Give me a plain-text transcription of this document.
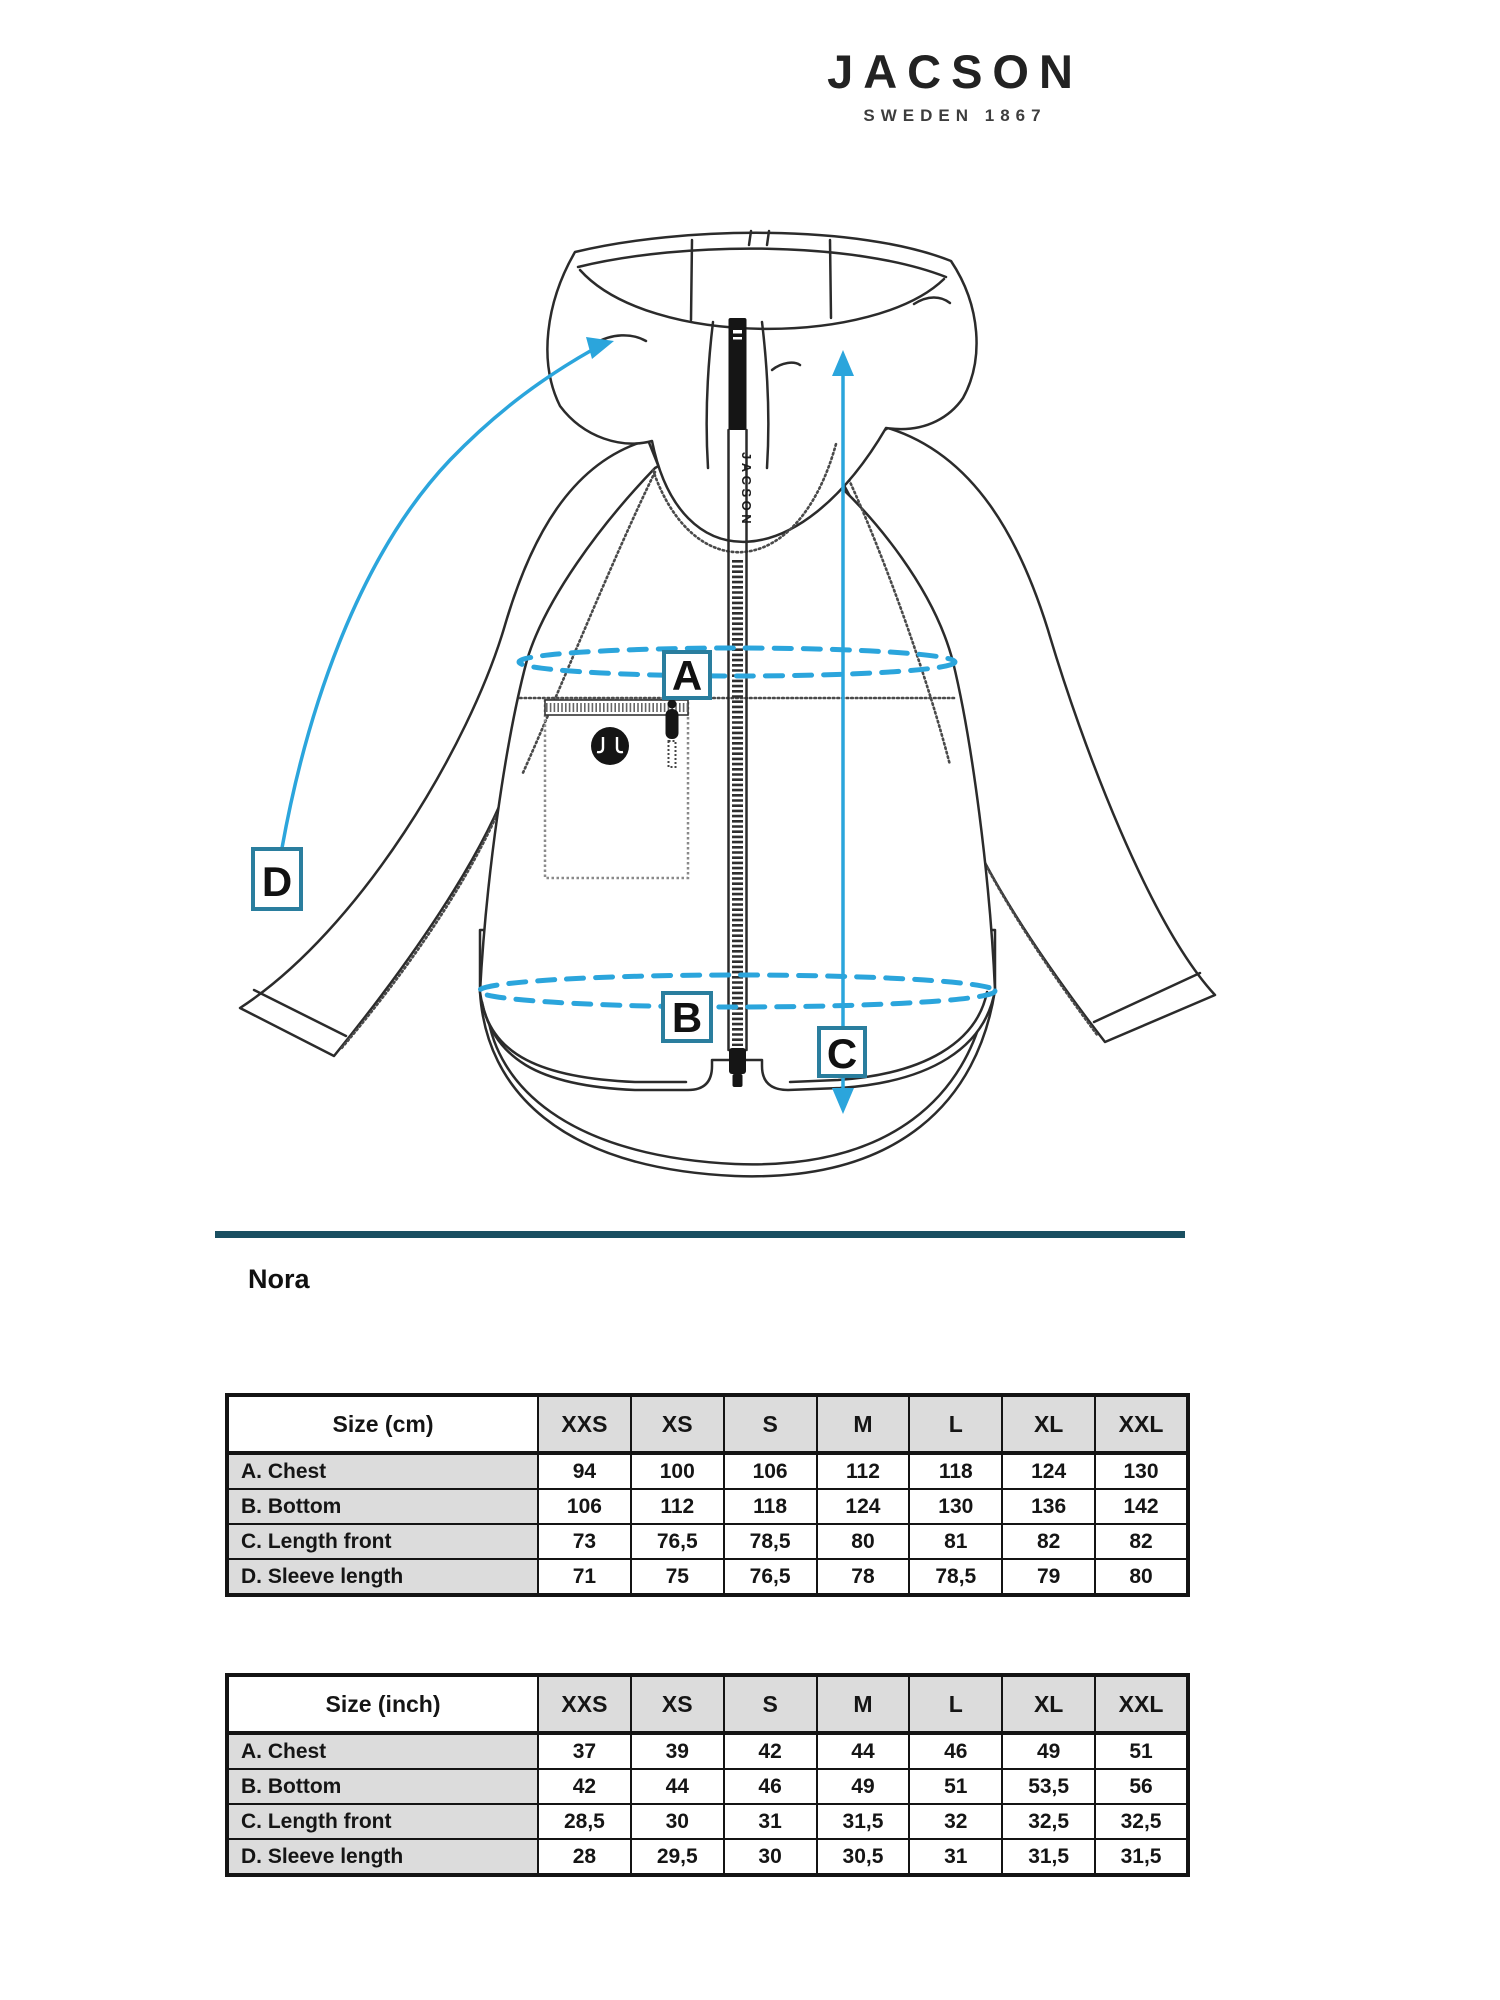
JACSON
SWEDEN 1867
JACSON
A
B
C
D
Nora
Size (cm)	XXS	XS	S	M	L	XL	XXL
A. Chest	94	100	106	112	118	124	130
B. Bottom	106	112	118	124	130	136	142
C. Length front	73	76,5	78,5	80	81	82	82
D. Sleeve length	71	75	76,5	78	78,5	79	80
Size (inch)	XXS	XS	S	M	L	XL	XXL
A. Chest	37	39	42	44	46	49	51
B. Bottom	42	44	46	49	51	53,5	56
C. Length front	28,5	30	31	31,5	32	32,5	32,5
D. Sleeve length	28	29,5	30	30,5	31	31,5	31,5
